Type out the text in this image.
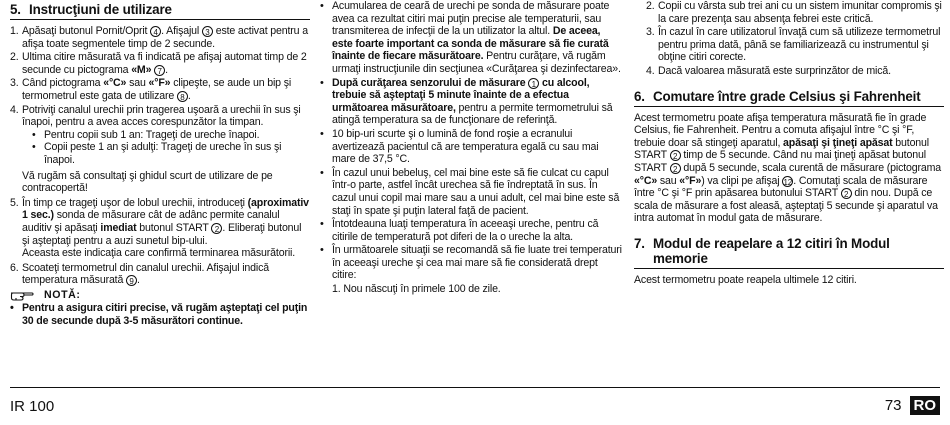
5. Instrucţiuni de utilizare
1. Apăsaţi butonul Pornit/Oprit 4 . Afişajul 3 este activat pentru a afişa toate segmentele timp de 2 secunde.
2. Ultima citire măsurată va fi indicată pe afişaj automat timp de 2 secunde cu pictograma «M» 7 .
3. Când pictograma «°C» sau «°F» clipeşte, se aude un bip şi termometrul este gata de utilizare 8 .
4. Potriviţi canalul urechii prin tragerea uşoară a urechii în sus şi înapoi, pentru a avea acces corespunzător la timpan.
• Pentru copii sub 1 an: Trageţi de ureche înapoi.
• Copii peste 1 an şi adulţi: Trageţi de ureche în sus şi înapoi.
Vă rugăm să consultaţi şi ghidul scurt de utilizare de pe contracopertă!
5. În timp ce trageţi uşor de lobul urechii, introduceţi (aproximativ 1 sec.) sonda de măsurare cât de adânc permite canalul auditiv şi apăsaţi imediat butonul START 2 . Eliberaţi butonul şi aşteptaţi pentru a auzi sunetul bip-ului.
Aceasta este indicaţia care confirmă terminarea măsurătorii.
6. Scoateţi termometrul din canalul urechii. Afişajul indică temperatura măsurată 9 .
NOTĂ:
• Pentru a asigura citiri precise, vă rugăm aşteptaţi cel puţin 30 de secunde după 3-5 măsurători continue.
• Acumularea de ceară de urechi pe sonda de măsurare poate avea ca rezultat citiri mai puţin precise ale temperaturii, sau transmiterea de infecţii de la un utilizator la altul. De aceea, este foarte important ca sonda de măsurare să fie curată înainte de fiecare măsurătoare. Pentru curăţare, vă rugăm urmaţi instrucţiunile din secţiunea «Curăţarea şi dezinfectarea».
• După curăţarea senzorului de măsurare 1 cu alcool, trebuie să aşteptaţi 5 minute înainte de a efectua următoarea măsurătoare, pentru a permite termometrului să atingă temperatura sa de funcţionare de referinţă.
• 10 bip-uri scurte şi o lumină de fond roşie a ecranului avertizează pacientul că are temperatura egală cu sau mai mare de 37,5 °C.
• În cazul unui bebeluş, cel mai bine este să fie culcat cu capul într-o parte, astfel încât urechea să fie îndreptată în sus. În cazul unui copil mai mare sau a unui adult, cel mai bine este să staţi în spate şi puţin lateral faţă de pacient.
• Întotdeauna luaţi temperatura în aceeaşi ureche, pentru că citirile de temperatură pot diferi de la o ureche la alta.
• În următoarele situaţii se recomandă să fie luate trei temperaturi în aceeaşi ureche şi cea mai mare să fie considerată drept citire:
1. Nou născuţi în primele 100 de zile.
2. Copii cu vârsta sub trei ani cu un sistem imunitar compromis şi la care prezenţa sau absenţa febrei este critică.
3. În cazul în care utilizatorul învaţă cum să utilizeze termometrul pentru prima dată, până se familiarizează cu instrumentul şi obţine citiri corecte.
4. Dacă valoarea măsurată este surprinzător de mică.
6. Comutare între grade Celsius şi Fahrenheit
Acest termometru poate afişa temperatura măsurată fie în grade Celsius, fie Fahrenheit. Pentru a comuta afişajul între °C şi °F, trebuie doar să stingeţi aparatul, apăsaţi şi ţineţi apăsat butonul START 2 timp de 5 secunde. Când nu mai ţineţi apăsat butonul START 2 după 5 secunde, scala curentă de măsurare (pictograma «°C» sau «°F») va clipi pe afişaj 12. Comutaţi scala de măsurare între °C şi °F prin apăsarea butonului START 2 din nou. După ce scala de măsurare a fost aleasă, aşteptaţi 5 secunde şi aparatul va intra automat în modul gata de măsurare.
7. Modul de reapelare a 12 citiri în Modul memorie
Acest termometru poate reapela ultimele 12 citiri.
IR 100	73 RO
